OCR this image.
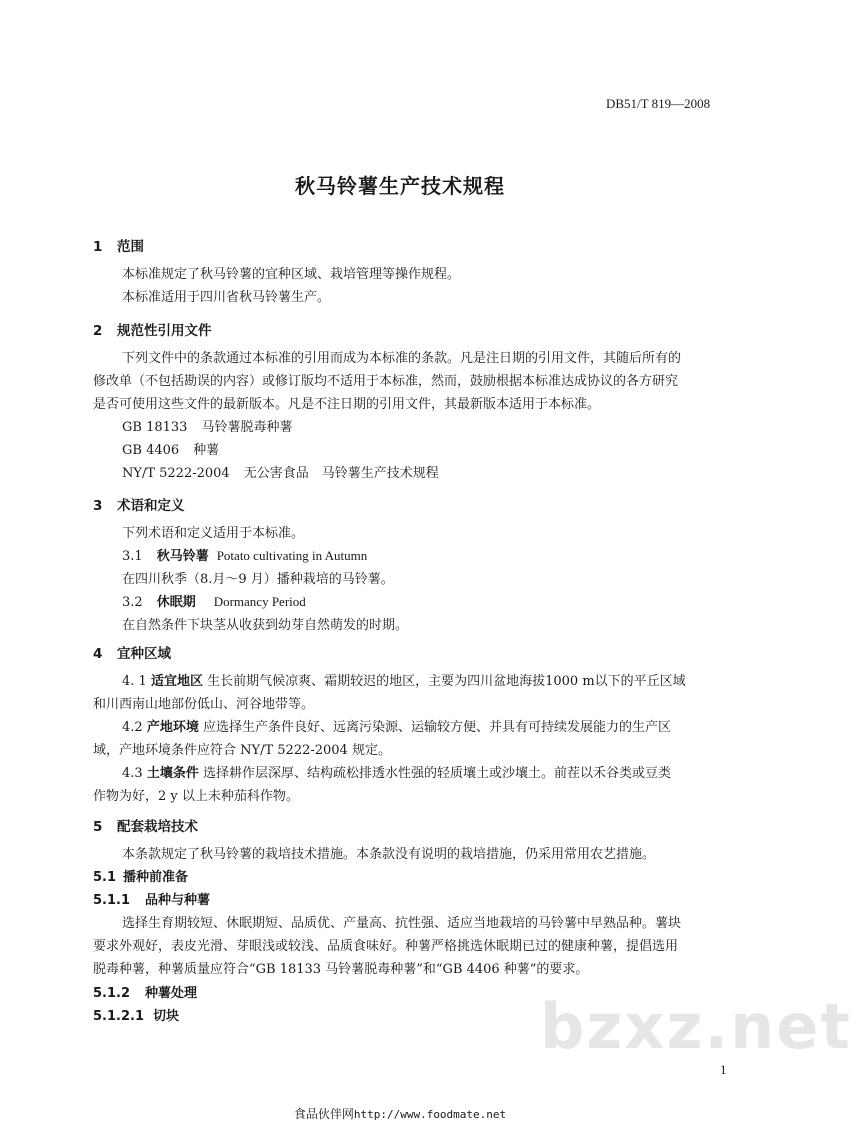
DB51/T 819—2008
秋马铃薯生产技术规程
1 范围
本标准规定了秋马铃薯的宜种区域、栽培管理等操作规程。
本标准适用于四川省秋马铃薯生产。
2 规范性引用文件
下列文件中的条款通过本标准的引用而成为本标准的条款。凡是注日期的引用文件，其随后所有的
修改单（不包括勘误的内容）或修订版均不适用于本标准，然而，鼓励根据本标准达成协议的各方研究
是否可使用这些文件的最新版本。凡是不注日期的引用文件，其最新版本适用于本标准。
GB 18133 马铃薯脱毒种薯
GB 4406 种薯
NY/T 5222-2004 无公害食品　马铃薯生产技术规程
3 术语和定义
下列术语和定义适用于本标准。
3.1 秋马铃薯 Potato cultivating in Autumn
在四川秋季（8.月～9 月）播种栽培的马铃薯。
3.2 休眠期 Dormancy Period
在自然条件下块茎从收获到幼芽自然萌发的时期。
4 宜种区域
4. 1 适宜地区 生长前期气候凉爽、霜期较迟的地区，主要为四川盆地海拔1000 m以下的平丘区域
和川西南山地部份低山、河谷地带等。
4.2 产地环境 应选择生产条件良好、远离污染源、运输较方便、并具有可持续发展能力的生产区
域，产地环境条件应符合 NY/T 5222-2004 规定。
4.3 土壤条件 选择耕作层深厚、结构疏松排透水性强的轻质壤土或沙壤土。前茬以禾谷类或豆类
作物为好，2 y 以上未种茄科作物。
5 配套栽培技术
本条款规定了秋马铃薯的栽培技术措施。本条款没有说明的栽培措施，仍采用常用农艺措施。
5.1 播种前准备
5.1.1 品种与种薯
选择生育期较短、休眠期短、品质优、产量高、抗性强、适应当地栽培的马铃薯中早熟品种。薯块
要求外观好，表皮光滑、芽眼浅或较浅、品质食味好。种薯严格挑选休眠期已过的健康种薯，提倡选用
脱毒种薯，种薯质量应符合“GB 18133 马铃薯脱毒种薯”和“GB 4406 种薯”的要求。
5.1.2 种薯处理
5.1.2.1 切块	bzxz.net
1
食品伙伴网http://www.foodmate.net
